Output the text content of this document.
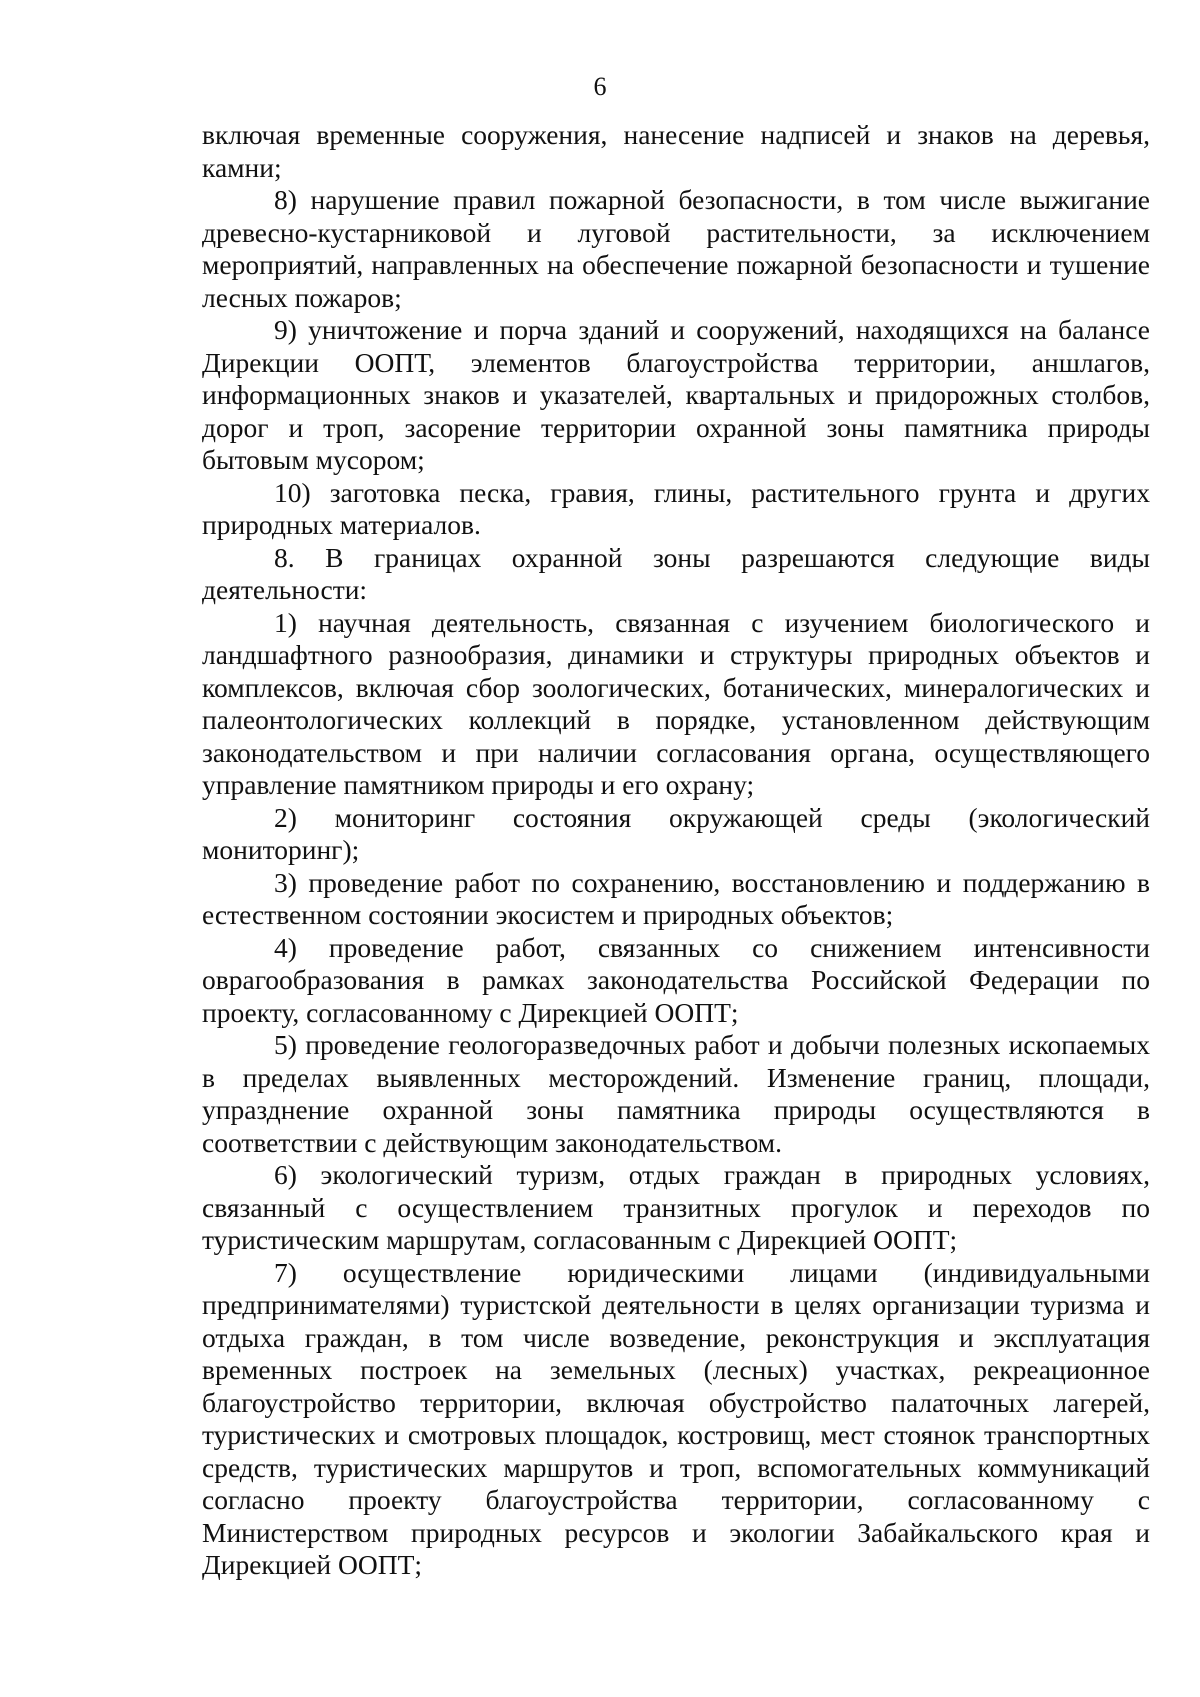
6

включая временные сооружения, нанесение надписей и знаков на деревья, камни;

8) нарушение правил пожарной безопасности, в том числе выжигание древесно-кустарниковой и луговой растительности, за исключением мероприятий, направленных на обеспечение пожарной безопасности и тушение лесных пожаров;

9) уничтожение и порча зданий и сооружений, находящихся на балансе Дирекции ООПТ, элементов благоустройства территории, аншлагов, информационных знаков и указателей, квартальных и придорожных столбов, дорог и троп, засорение территории охранной зоны памятника природы бытовым мусором;

10) заготовка песка, гравия, глины, растительного грунта и других природных материалов.

8. В границах охранной зоны разрешаются следующие виды деятельности:

1) научная деятельность, связанная с изучением биологического и ландшафтного разнообразия, динамики и структуры природных объектов и комплексов, включая сбор зоологических, ботанических, минералогических и палеонтологических коллекций в порядке, установленном действующим законодательством и при наличии согласования органа, осуществляющего управление памятником природы и его охрану;

2) мониторинг состояния окружающей среды (экологический мониторинг);

3) проведение работ по сохранению, восстановлению и поддержанию в естественном состоянии экосистем и природных объектов;

4) проведение работ, связанных со снижением интенсивности оврагообразования в рамках законодательства Российской Федерации по проекту, согласованному с Дирекцией ООПТ;

5) проведение геологоразведочных работ и добычи полезных ископаемых в пределах выявленных месторождений. Изменение границ, площади, упразднение охранной зоны памятника природы осуществляются в соответствии с действующим законодательством.

6) экологический туризм, отдых граждан в природных условиях, связанный с осуществлением транзитных прогулок и переходов по туристическим маршрутам, согласованным с Дирекцией ООПТ;

7) осуществление юридическими лицами (индивидуальными предпринимателями) туристской деятельности в целях организации туризма и отдыха граждан, в том числе возведение, реконструкция и эксплуатация временных построек на земельных (лесных) участках, рекреационное благоустройство территории, включая обустройство палаточных лагерей, туристических и смотровых площадок, костровищ, мест стоянок транспортных средств, туристических маршрутов и троп, вспомогательных коммуникаций согласно проекту благоустройства территории, согласованному с Министерством природных ресурсов и экологии Забайкальского края и Дирекцией ООПТ;
